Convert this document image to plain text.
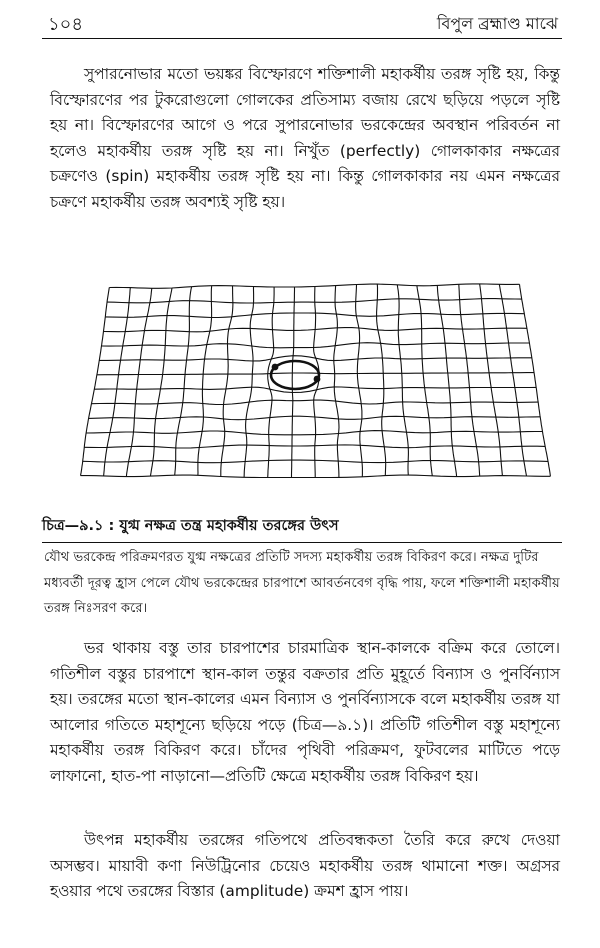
১০৪	বিপুল ব্রহ্মাণ্ড মাঝে

সুপারনোভার মতো ভয়ঙ্কর বিস্ফোরণে শক্তিশালী মহাকর্ষীয় তরঙ্গ সৃষ্টি হয়, কিন্তু বিস্ফোরণের পর টুকরোগুলো গোলকের প্রতিসাম্য বজায় রেখে ছড়িয়ে পড়লে সৃষ্টি হয় না। বিস্ফোরণের আগে ও পরে সুপারনোভার ভরকেন্দ্রের অবস্থান পরিবর্তন না হলেও মহাকর্ষীয় তরঙ্গ সৃষ্টি হয় না। নিখুঁত (perfectly) গোলকাকার নক্ষত্রের চক্রণেও (spin) মহাকর্ষীয় তরঙ্গ সৃষ্টি হয় না। কিন্তু গোলকাকার নয় এমন নক্ষত্রের চক্রণে মহাকর্ষীয় তরঙ্গ অবশ্যই সৃষ্টি হয়।

চিত্র—৯.১ : যুগ্ম নক্ষত্র তন্ত্র মহাকর্ষীয় তরঙ্গের উৎস

যৌথ ভরকেন্দ্র পরিক্রমণরত যুগ্ম নক্ষত্রের প্রতিটি সদস্য মহাকর্ষীয় তরঙ্গ বিকিরণ করে। নক্ষত্র দুটির মধ্যবর্তী দূরত্ব হ্রাস পেলে যৌথ ভরকেন্দ্রের চারপাশে আবর্তনবেগ বৃদ্ধি পায়, ফলে শক্তিশালী মহাকর্ষীয় তরঙ্গ নিঃসরণ করে।

ভর থাকায় বস্তু তার চারপাশের চারমাত্রিক স্থান-কালকে বক্রিম করে তোলে। গতিশীল বস্তুর চারপাশে স্থান-কাল তন্তুর বক্রতার প্রতি মুহূর্তে বিন্যাস ও পুনর্বিন্যাস হয়। তরঙ্গের মতো স্থান-কালের এমন বিন্যাস ও পুনর্বিন্যাসকে বলে মহাকর্ষীয় তরঙ্গ যা আলোর গতিতে মহাশূন্যে ছড়িয়ে পড়ে (চিত্র—৯.১)। প্রতিটি গতিশীল বস্তু মহাশূন্যে মহাকর্ষীয় তরঙ্গ বিকিরণ করে। চাঁদের পৃথিবী পরিক্রমণ, ফুটবলের মাটিতে পড়ে লাফানো, হাত-পা নাড়ানো—প্রতিটি ক্ষেত্রে মহাকর্ষীয় তরঙ্গ বিকিরণ হয়।

উৎপন্ন মহাকর্ষীয় তরঙ্গের গতিপথে প্রতিবন্ধকতা তৈরি করে রুখে দেওয়া অসম্ভব। মায়াবী কণা নিউট্রিনোর চেয়েও মহাকর্ষীয় তরঙ্গ থামানো শক্ত। অগ্রসর হওয়ার পথে তরঙ্গের বিস্তার (amplitude) ক্রমশ হ্রাস পায়।
